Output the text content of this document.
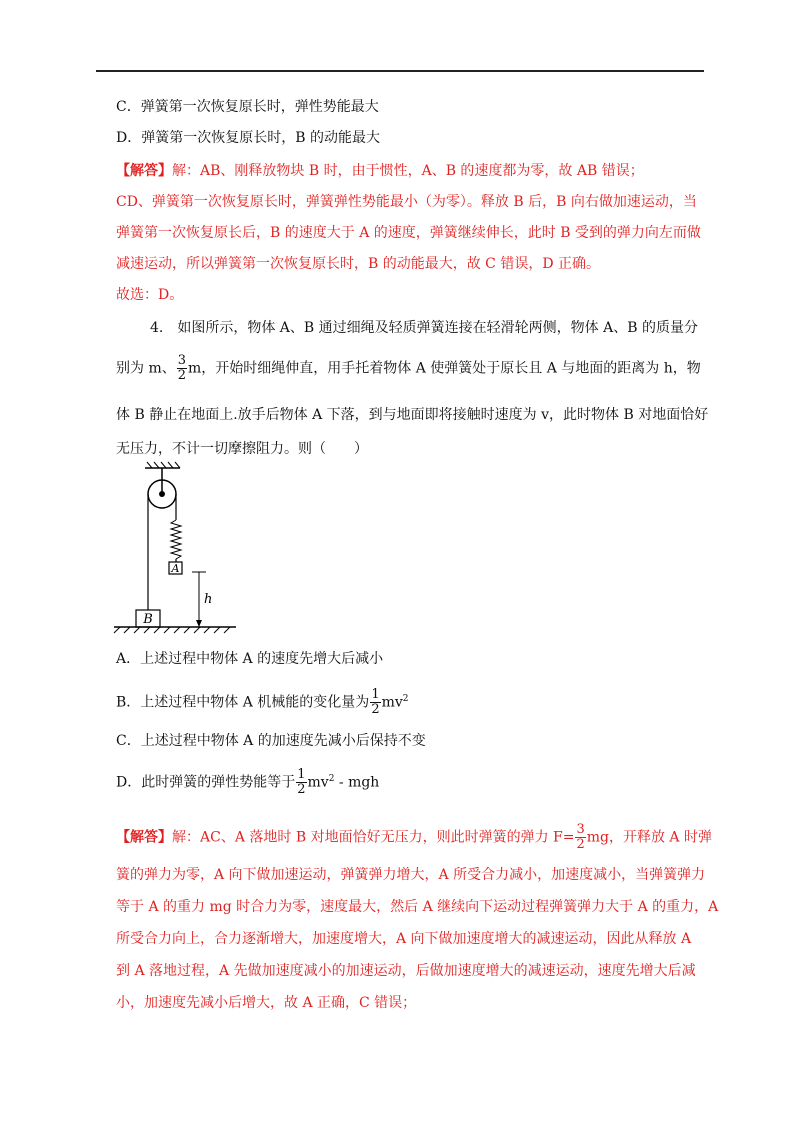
C．弹簧第一次恢复原长时，弹性势能最大
D．弹簧第一次恢复原长时，B 的动能最大
【解答】解：AB、刚释放物块 B 时，由于惯性，A、B 的速度都为零，故 AB 错误；
CD、弹簧第一次恢复原长时，弹簧弹性势能最小（为零）。释放 B 后，B 向右做加速运动，当
弹簧第一次恢复原长后，B 的速度大于 A 的速度，弹簧继续伸长，此时 B 受到的弹力向左而做
减速运动，所以弹簧第一次恢复原长时，B 的动能最大，故 C 错误，D 正确。
故选：D。
4.　如图所示，物体 A、B 通过细绳及轻质弹簧连接在轻滑轮两侧，物体 A、B 的质量分
别为 m、 $\frac{3}{2}$ m，开始时细绳伸直，用手托着物体 A 使弹簧处于原长且 A 与地面的距离为 h，物
体 B 静止在地面上.放手后物体 A 下落，到与地面即将接触时速度为 v，此时物体 B 对地面恰好
无压力，不计一切摩擦阻力。则（　　）
A
B
h
A．上述过程中物体 A 的速度先增大后减小
B．上述过程中物体 A 机械能的变化量为 $\frac{1}{2} mv^2$
C．上述过程中物体 A 的加速度先减小后保持不变
D．此时弹簧的弹性势能等于 $\frac{1}{2} mv^2$ - mgh
【解答】解：AC、A 落地时 B 对地面恰好无压力，则此时弹簧的弹力 $F= \frac{3}{2}$ mg，开释放 A 时弹
簧的弹力为零，A 向下做加速运动，弹簧弹力增大，A 所受合力减小，加速度减小，当弹簧弹力
等于 A 的重力 mg 时合力为零，速度最大，然后 A 继续向下运动过程弹簧弹力大于 A 的重力，A
所受合力向上，合力逐渐增大，加速度增大，A 向下做加速度增大的减速运动，因此从释放 A
到 A 落地过程，A 先做加速度减小的加速运动，后做加速度增大的减速运动，速度先增大后减
小，加速度先减小后增大，故 A 正确，C 错误；
